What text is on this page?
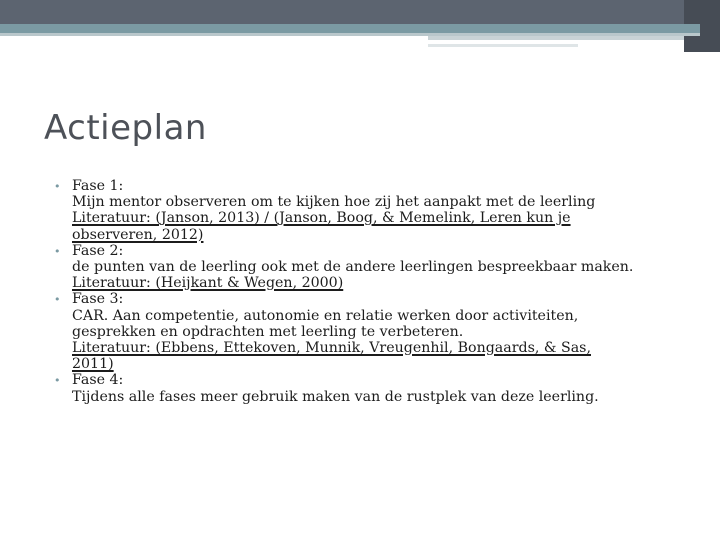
Actieplan
• Fase 1:
Mijn mentor observeren om te kijken hoe zij het aanpakt met de leerling
Literatuur: (Janson, 2013) / (Janson, Boog, & Memelink, Leren kun je
observeren, 2012)
• Fase 2:
de punten van de leerling ook met de andere leerlingen bespreekbaar maken.
Literatuur: (Heijkant & Wegen, 2000)
• Fase 3:
CAR. Aan competentie, autonomie en relatie werken door activiteiten,
gesprekken en opdrachten met leerling te verbeteren.
Literatuur: (Ebbens, Ettekoven, Munnik, Vreugenhil, Bongaards, & Sas,
2011)
• Fase 4:
Tijdens alle fases meer gebruik maken van de rustplek van deze leerling.
